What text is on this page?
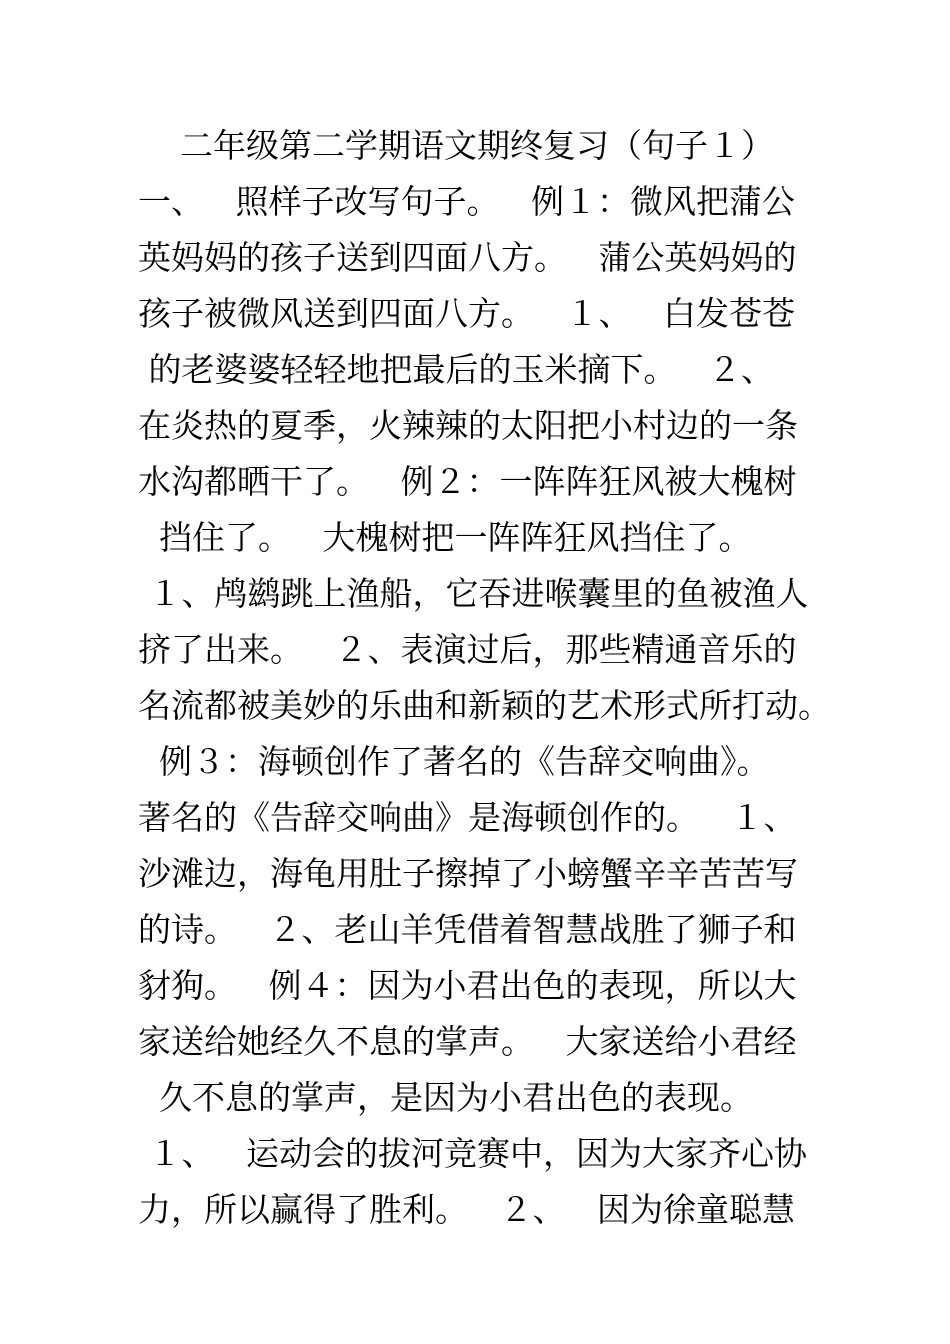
二年级第二学期语文期终复习（句子１）
一、   照样子改写句子。   例１：微风把蒲公
英妈妈的孩子送到四面八方。   蒲公英妈妈的
孩子被微风送到四面八方。   １、   白发苍苍
的老婆婆轻轻地把最后的玉米摘下。   ２、
在炎热的夏季，火辣辣的太阳把小村边的一条
水沟都晒干了。   例２：一阵阵狂风被大槐树
挡住了。   大槐树把一阵阵狂风挡住了。
１、鸬鹚跳上渔船，它吞进喉囊里的鱼被渔人
挤了出来。   ２、表演过后，那些精通音乐的
名流都被美妙的乐曲和新颖的艺术形式所打动。
例３：海顿创作了著名的《告辞交响曲》。
著名的《告辞交响曲》是海顿创作的。   １、
沙滩边，海龟用肚子擦掉了小螃蟹辛辛苦苦写
的诗。   ２、老山羊凭借着智慧战胜了狮子和
豺狗。   例４：因为小君出色的表现，所以大
家送给她经久不息的掌声。   大家送给小君经
久不息的掌声，是因为小君出色的表现。
１、   运动会的拔河竞赛中，因为大家齐心协
力，所以赢得了胜利。   ２、   因为徐童聪慧
